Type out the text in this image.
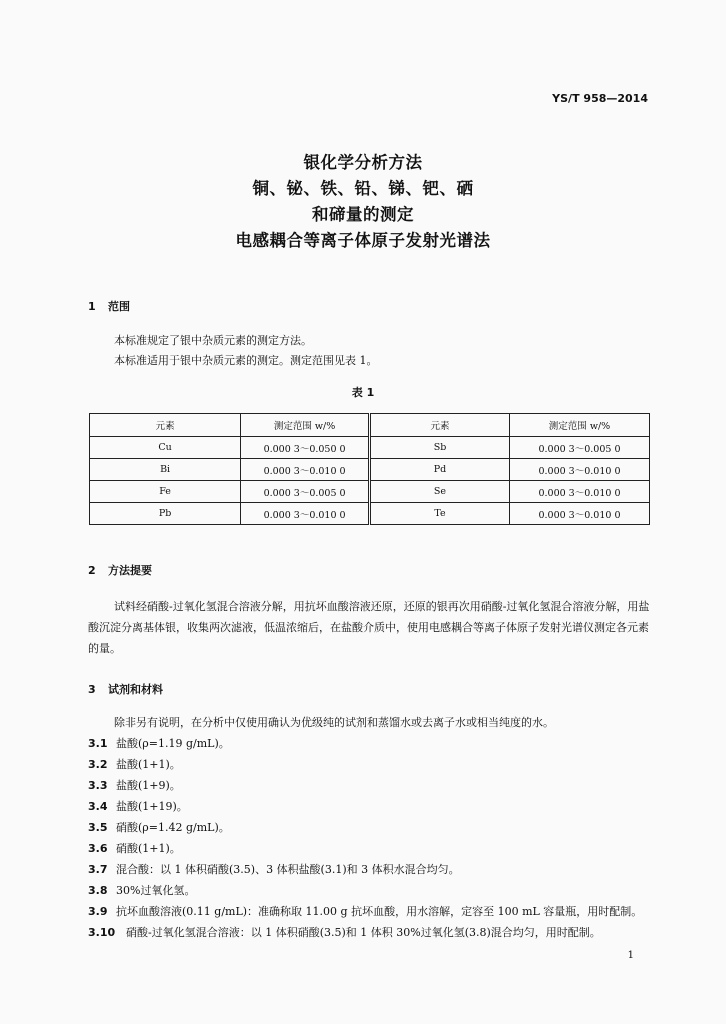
YS/T 958—2014
银化学分析方法
铜、铋、铁、铅、锑、钯、硒
和碲量的测定
电感耦合等离子体原子发射光谱法
1 范围
本标准规定了银中杂质元素的测定方法。
本标准适用于银中杂质元素的测定。测定范围见表 1。
表 1
元素	测定范围 w/%	元素	测定范围 w/%
Cu	0.000 3～0.050 0	Sb	0.000 3～0.005 0
Bi	0.000 3～0.010 0	Pd	0.000 3～0.010 0
Fe	0.000 3～0.005 0	Se	0.000 3～0.010 0
Pb	0.000 3～0.010 0	Te	0.000 3～0.010 0
2 方法提要
试料经硝酸-过氧化氢混合溶液分解，用抗坏血酸溶液还原，还原的银再次用硝酸-过氧化氢混合溶液分解，用盐酸沉淀分离基体银，收集两次滤液，低温浓缩后，在盐酸介质中，使用电感耦合等离子体原子发射光谱仪测定各元素的量。
3 试剂和材料
除非另有说明，在分析中仅使用确认为优级纯的试剂和蒸馏水或去离子水或相当纯度的水。
3.1 盐酸(ρ=1.19 g/mL)。
3.2 盐酸(1+1)。
3.3 盐酸(1+9)。
3.4 盐酸(1+19)。
3.5 硝酸(ρ=1.42 g/mL)。
3.6 硝酸(1+1)。
3.7 混合酸：以 1 体积硝酸(3.5)、3 体积盐酸(3.1)和 3 体积水混合均匀。
3.8 30%过氧化氢。
3.9 抗坏血酸溶液(0.11 g/mL)：准确称取 11.00 g 抗坏血酸，用水溶解，定容至 100 mL 容量瓶，用时配制。
3.10 硝酸-过氧化氢混合溶液：以 1 体积硝酸(3.5)和 1 体积 30%过氧化氢(3.8)混合均匀，用时配制。
1
